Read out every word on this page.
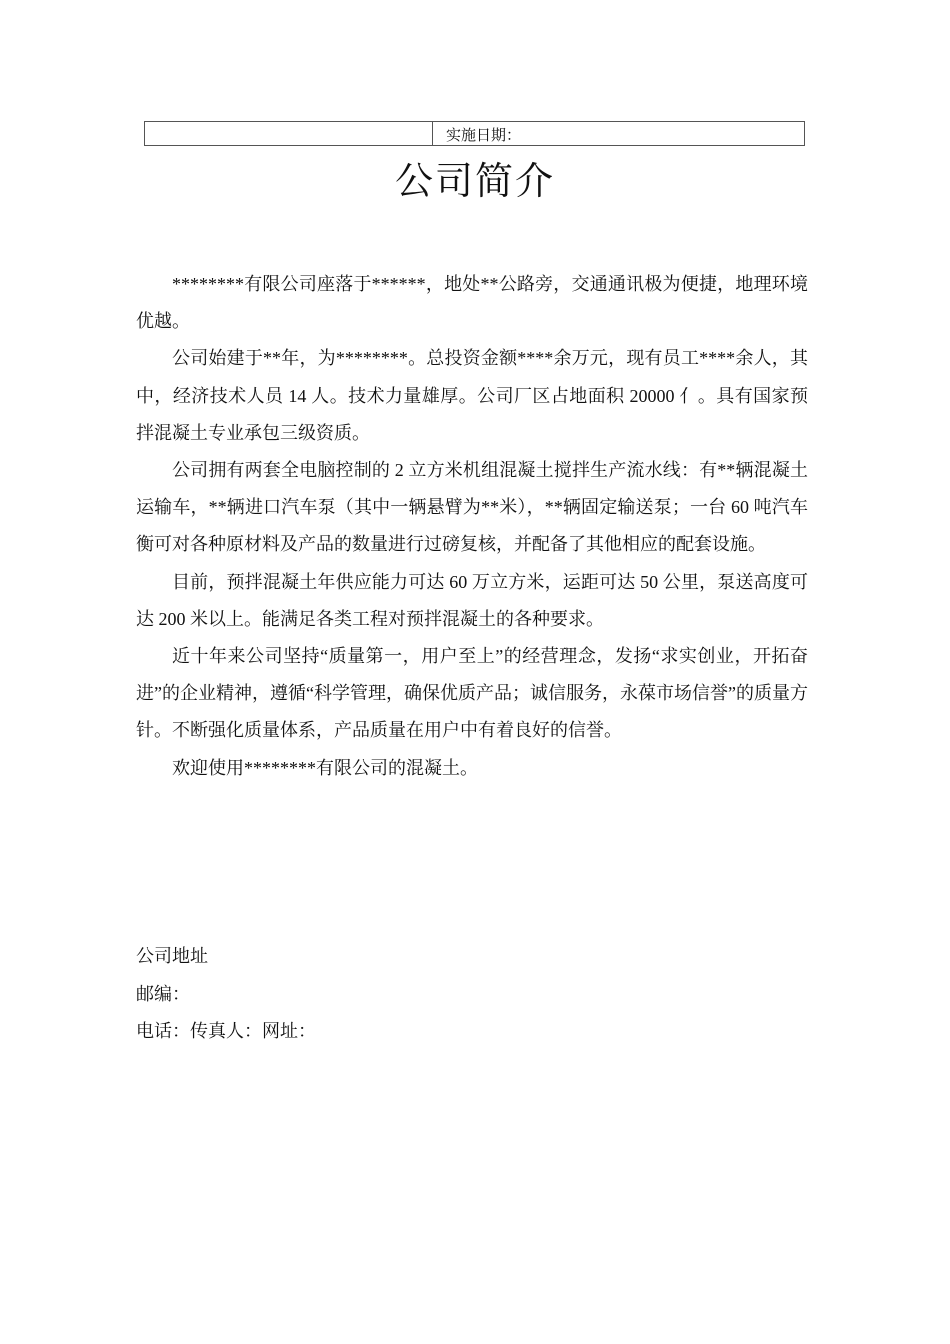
实施日期：
公司简介

********有限公司座落于******，地处**公路旁，交通通讯极为便捷，地理环境优越。

公司始建于**年，为********。总投资金额****余万元，现有员工****余人，其中，经济技术人员 14 人。技术力量雄厚。公司厂区占地面积 20000 亻。具有国家预拌混凝土专业承包三级资质。

公司拥有两套全电脑控制的 2 立方米机组混凝土搅拌生产流水线：有**辆混凝土运输车，**辆进口汽车泵（其中一辆悬臂为**米），**辆固定输送泵；一台 60 吨汽车衡可对各种原材料及产品的数量进行过磅复核，并配备了其他相应的配套设施。

目前，预拌混凝土年供应能力可达 60 万立方米，运距可达 50 公里，泵送高度可达 200 米以上。能满足各类工程对预拌混凝土的各种要求。

近十年来公司坚持“质量第一，用户至上”的经营理念，发扬“求实创业，开拓奋进”的企业精神，遵循“科学管理，确保优质产品；诚信服务，永葆市场信誉”的质量方针。不断强化质量体系，产品质量在用户中有着良好的信誉。

欢迎使用********有限公司的混凝土。

公司地址
邮编：
电话：传真人：网址：
